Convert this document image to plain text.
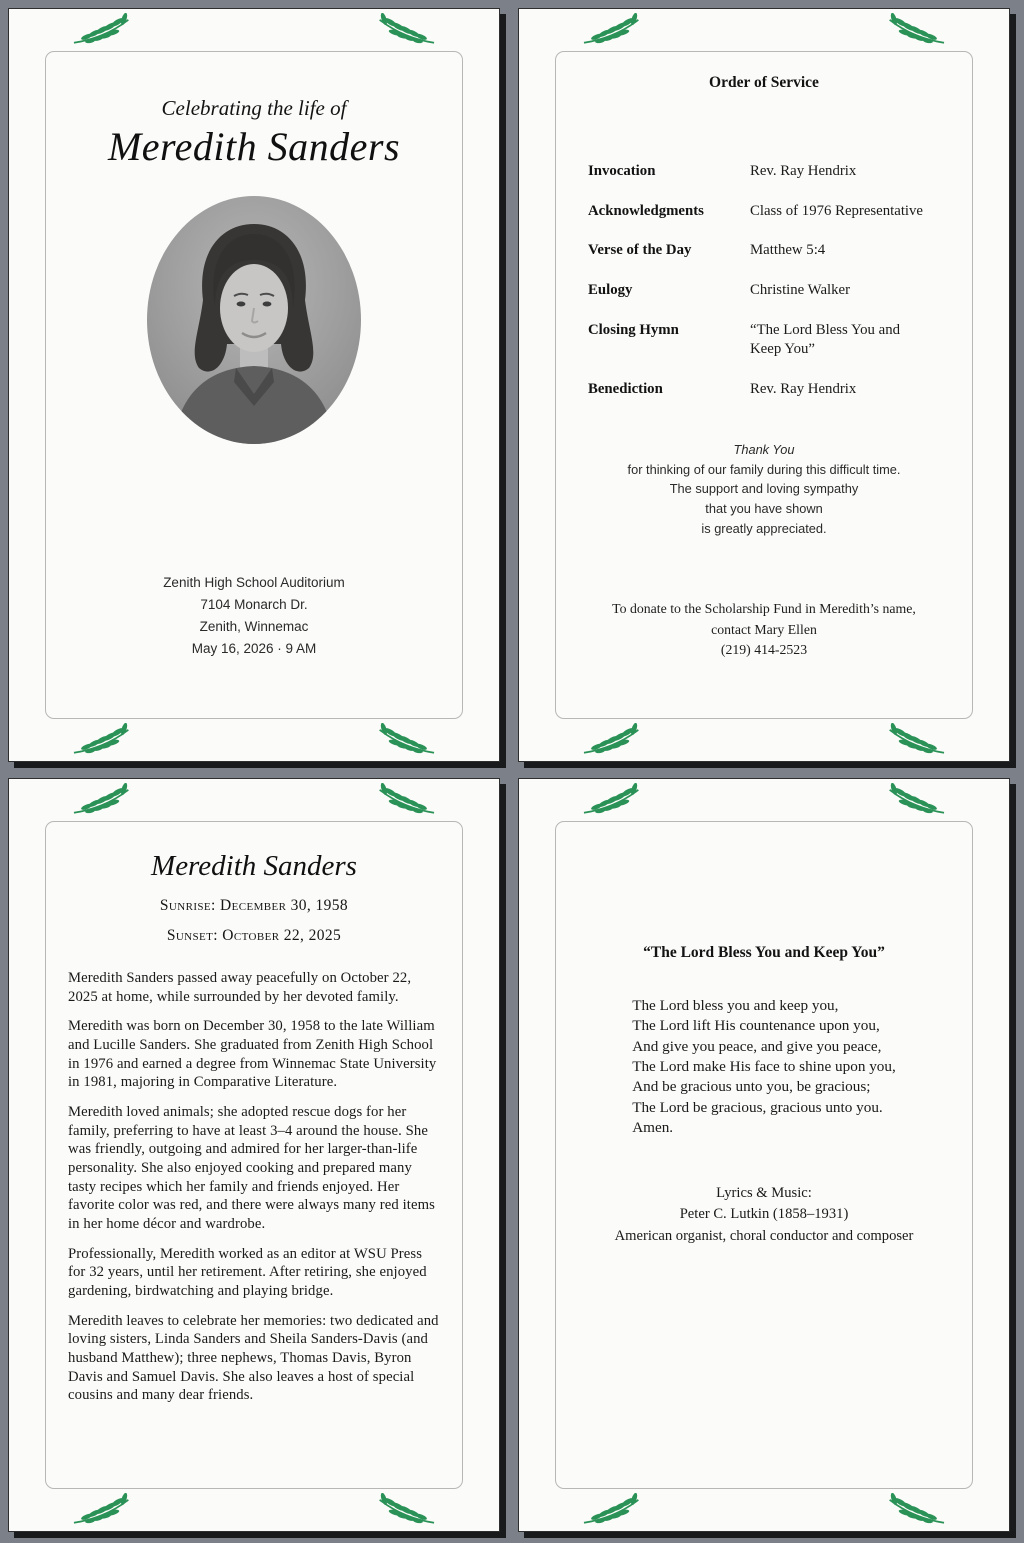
Celebrating the life of
Meredith Sanders
Zenith High School Auditorium
7104 Monarch Dr.
Zenith, Winnemac
May 16, 2026 · 9 AM
Order of Service
Invocation	Rev. Ray Hendrix
Acknowledgments	Class of 1976 Representative
Verse of the Day	Matthew 5:4
Eulogy	Christine Walker
Closing Hymn	“The Lord Bless You and Keep You”
Benediction	Rev. Ray Hendrix
Thank You
for thinking of our family during this difficult time.
The support and loving sympathy
that you have shown
is greatly appreciated.
To donate to the Scholarship Fund in Meredith’s name,
contact Mary Ellen
(219) 414-2523
Meredith Sanders
Sunrise: December 30, 1958
Sunset: October 22, 2025

Meredith Sanders passed away peacefully on October 22, 2025 at home, while surrounded by her devoted family.

Meredith was born on December 30, 1958 to the late William and Lucille Sanders. She graduated from Zenith High School in 1976 and earned a degree from Winnemac State University in 1981, majoring in Comparative Literature.

Meredith loved animals; she adopted rescue dogs for her family, preferring to have at least 3–4 around the house. She was friendly, outgoing and admired for her larger-than-life personality. She also enjoyed cooking and prepared many tasty recipes which her family and friends enjoyed. Her favorite color was red, and there were always many red items in her home décor and wardrobe.

Professionally, Meredith worked as an editor at WSU Press for 32 years, until her retirement. After retiring, she enjoyed gardening, birdwatching and playing bridge.

Meredith leaves to celebrate her memories: two dedicated and loving sisters, Linda Sanders and Sheila Sanders-Davis (and husband Matthew); three nephews, Thomas Davis, Byron Davis and Samuel Davis. She also leaves a host of special cousins and many dear friends.

“The Lord Bless You and Keep You”
The Lord bless you and keep you,
The Lord lift His countenance upon you,
And give you peace, and give you peace,
The Lord make His face to shine upon you,
And be gracious unto you, be gracious;
The Lord be gracious, gracious unto you.
Amen.
Lyrics & Music:
Peter C. Lutkin (1858–1931)
American organist, choral conductor and composer
